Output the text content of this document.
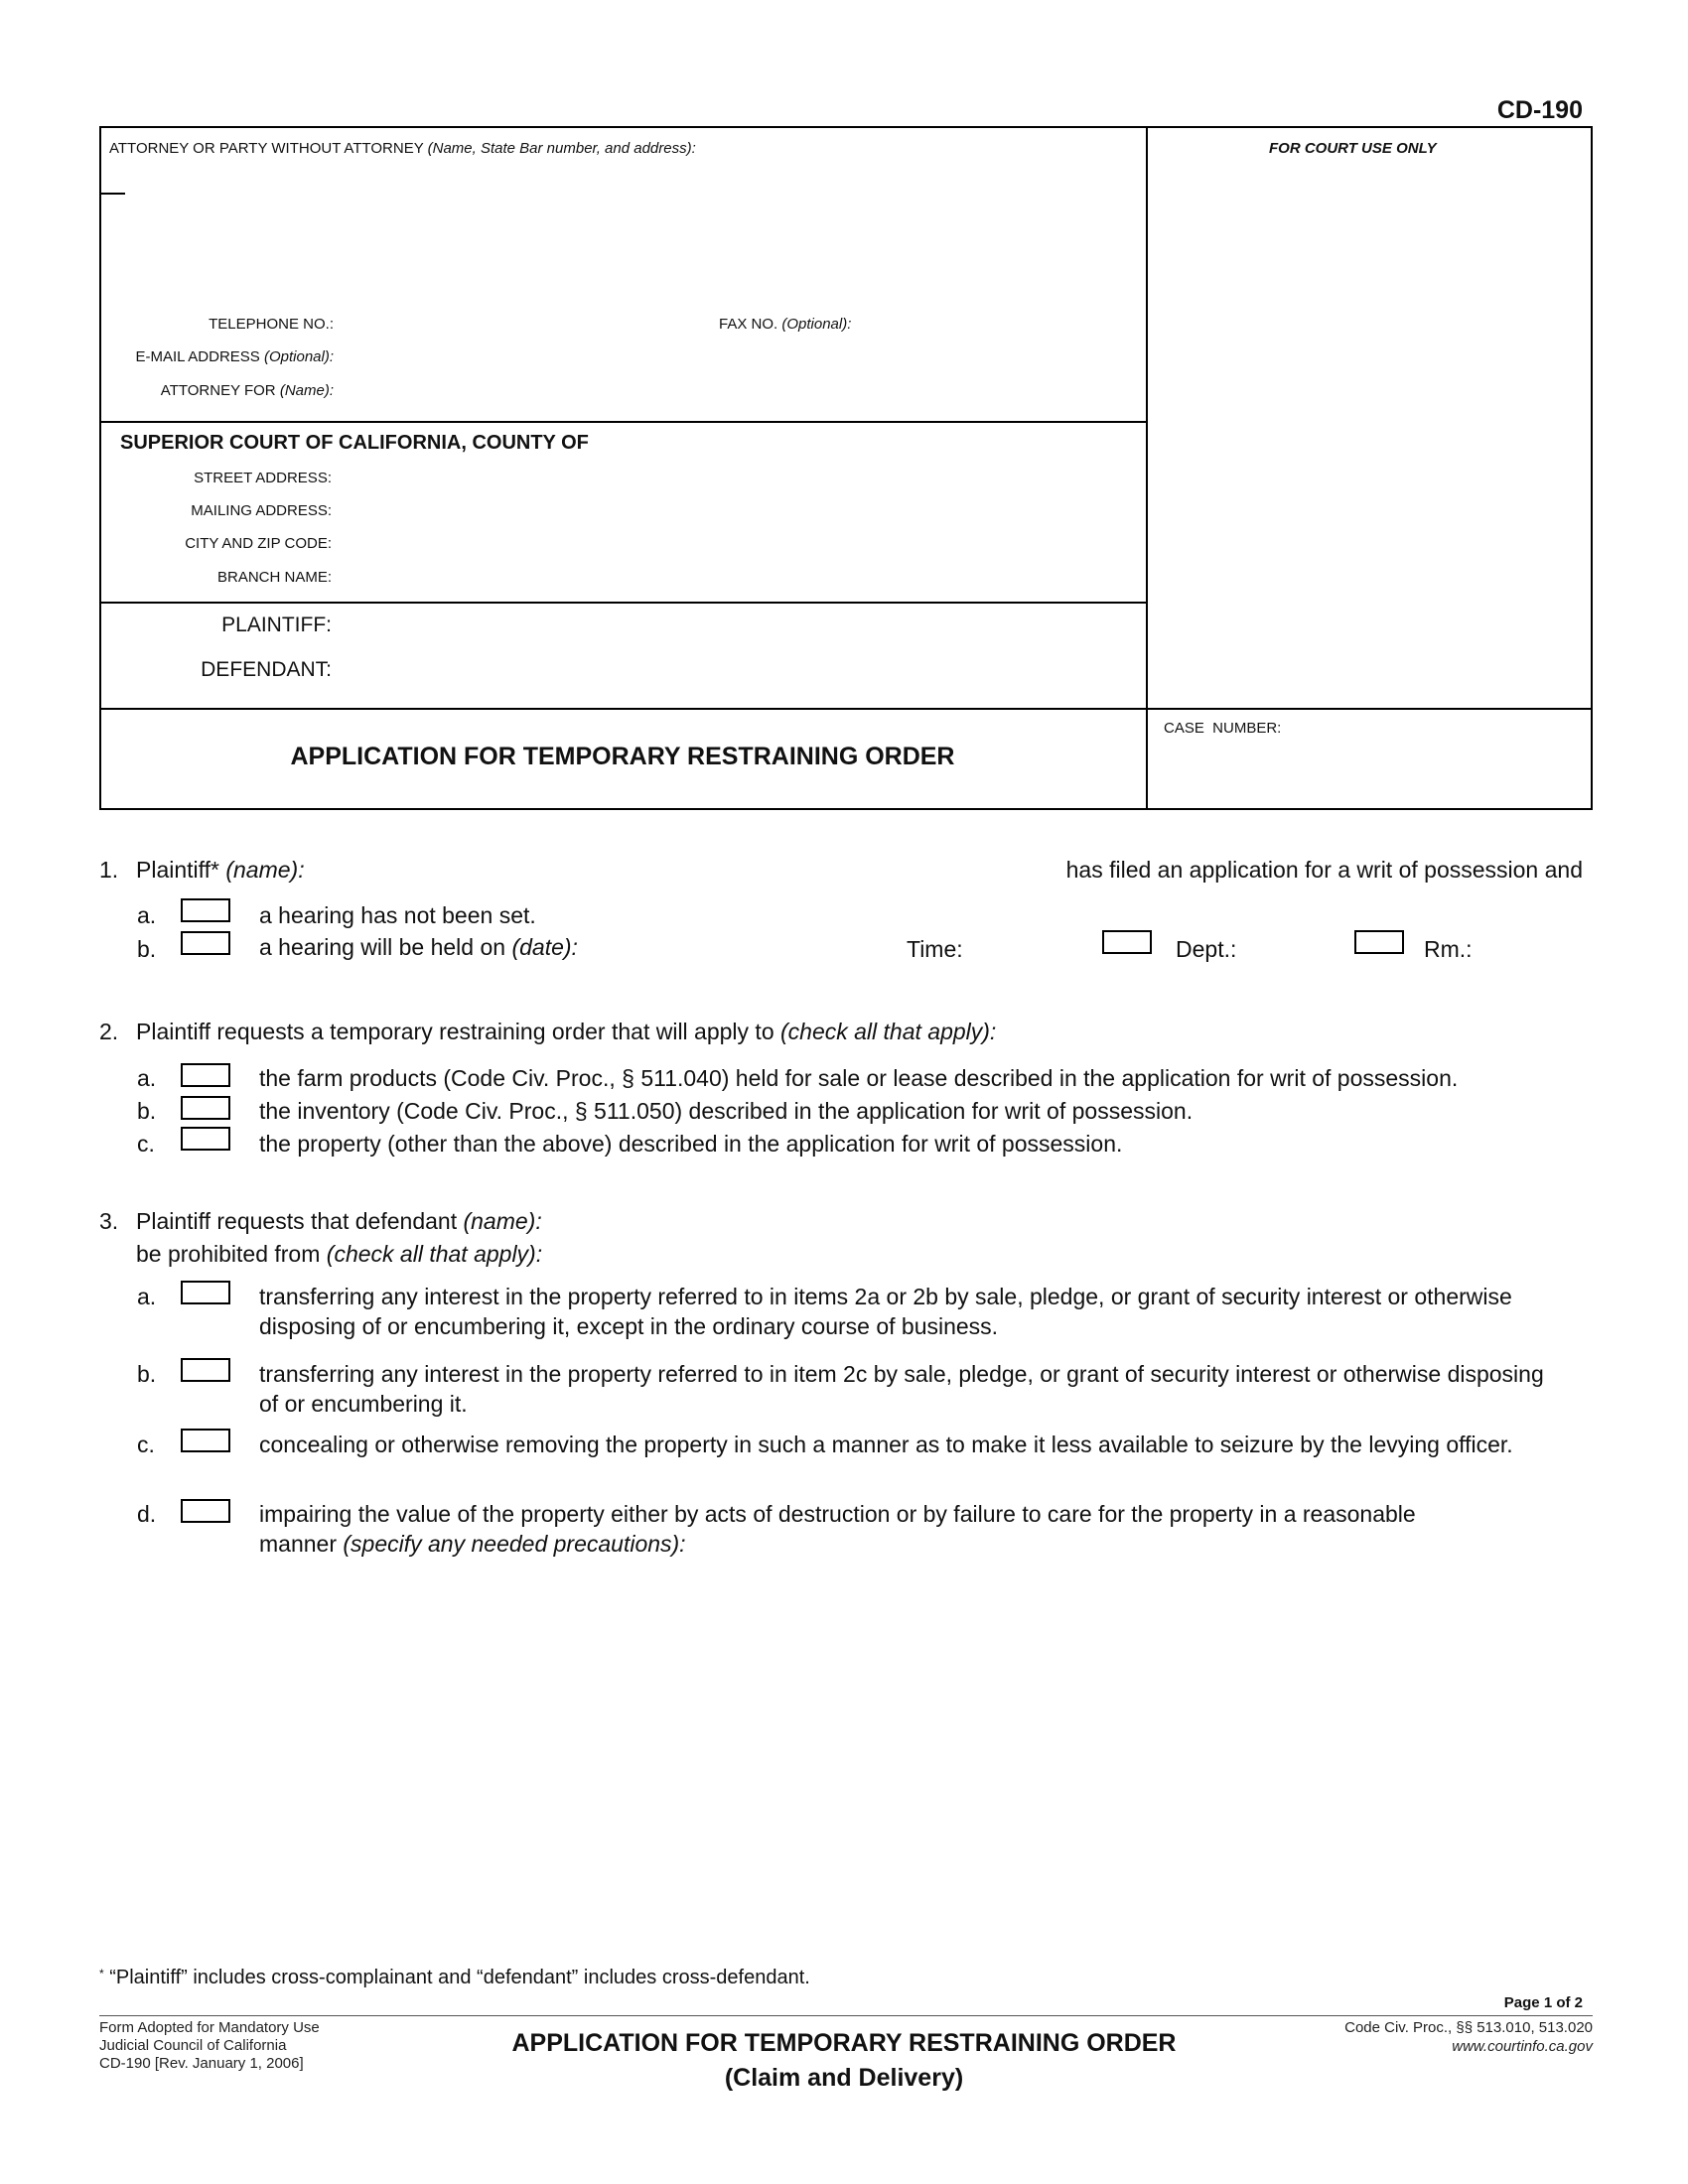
CD-190
ATTORNEY OR PARTY WITHOUT ATTORNEY (Name, State Bar number, and address):	FOR COURT USE ONLY
TELEPHONE NO.:	FAX NO. (Optional):
E-MAIL ADDRESS (Optional):
ATTORNEY FOR (Name):
SUPERIOR COURT OF CALIFORNIA, COUNTY OF
STREET ADDRESS:
MAILING ADDRESS:
CITY AND ZIP CODE:
BRANCH NAME:
PLAINTIFF:
DEFENDANT:
APPLICATION FOR TEMPORARY RESTRAINING ORDER
CASE  NUMBER:
1. Plaintiff* (name):	has filed an application for a writ of possession and
a.	a hearing has not been set.
b.	a hearing will be held on (date):	Time:	Dept.:	Rm.:
2. Plaintiff requests a temporary restraining order that will apply to (check all that apply):
a.	the farm products (Code Civ. Proc., § 511.040) held for sale or lease described in the application for writ of possession.
b.	the inventory (Code Civ. Proc., § 511.050) described in the application for writ of possession.
c.	the property (other than the above) described in the application for writ of possession.
3. Plaintiff requests that defendant (name):
be prohibited from (check all that apply):
a.	transferring any interest in the property referred to in items 2a or 2b by sale, pledge, or grant of security interest or otherwise disposing of or encumbering it, except in the ordinary course of business.
b.	transferring any interest in the property referred to in item 2c by sale, pledge, or grant of security interest or otherwise disposing of or encumbering it.
c.	concealing or otherwise removing the property in such a manner as to make it less available to seizure by the levying officer.
d.	impairing the value of the property either by acts of destruction or by failure to care for the property in a reasonable
manner (specify any needed precautions):
* “Plaintiff” includes cross-complainant and “defendant” includes cross-defendant.
Page 1 of 2
Form Adopted for Mandatory Use
Judicial Council of California
CD-190 [Rev. January 1, 2006]
APPLICATION FOR TEMPORARY RESTRAINING ORDER
(Claim and Delivery)
Code Civ. Proc., §§ 513.010, 513.020
www.courtinfo.ca.gov
